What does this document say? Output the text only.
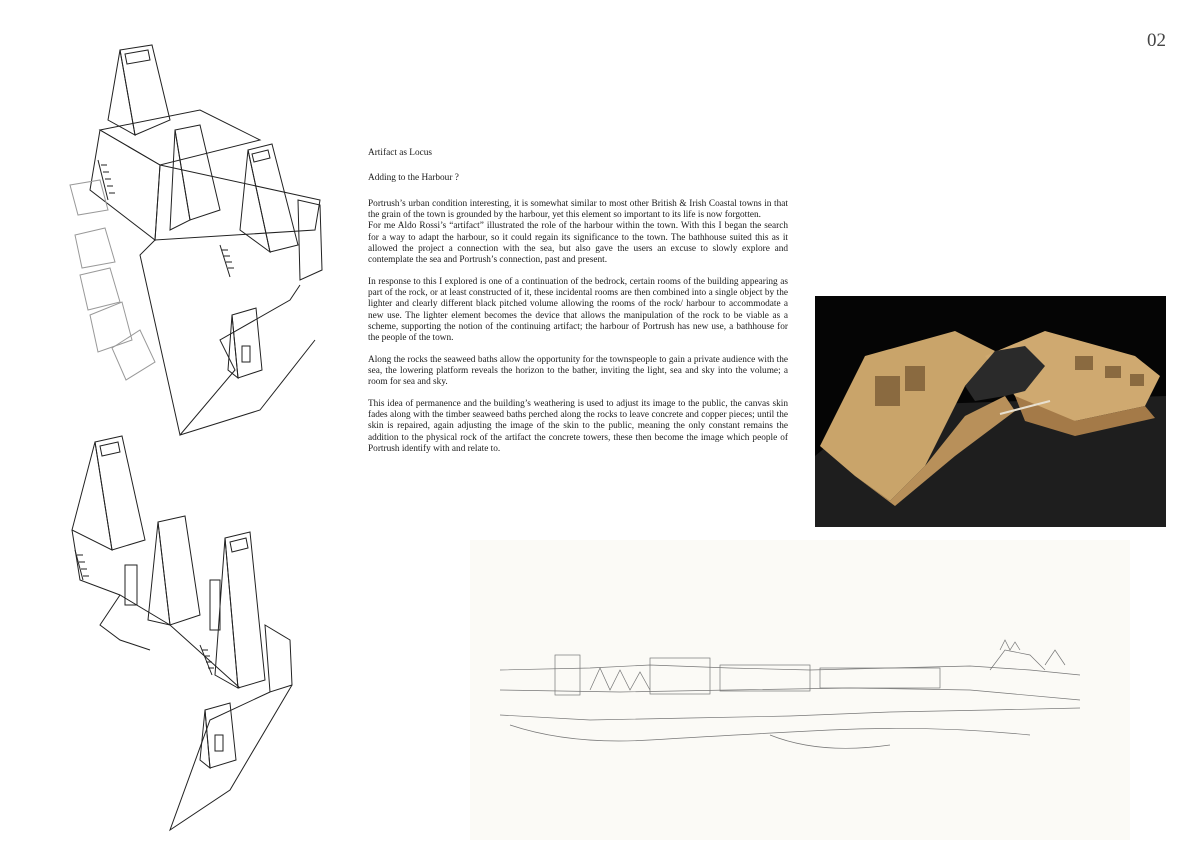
02
Artifact as Locus
Adding to the Harbour ?

Portrush’s urban condition interesting, it is somewhat similar to most other British & Irish Coastal towns in that the grain of the town is grounded by the harbour, yet this element so important to its life is now forgotten.

For me Aldo Rossi’s “artifact” illustrated the role of the harbour within the town. With this I began the search for a way to adapt the harbour, so it could regain its significance to the town. The bathhouse suited this as it allowed the project a connection with the sea, but also gave the users an excuse to slowly explore and contemplate the sea and Portrush’s connection, past and present.

In response to this I explored is one of a continuation of the bedrock, certain rooms of the building appearing as part of the rock, or at least constructed of it, these incidental rooms are then combined into a single object by the lighter and clearly different black pitched volume allowing the rooms of the rock/ harbour to accommodate a new use. The lighter element becomes the device that allows the manipulation of the rock to be viable as a scheme, supporting the notion of the continuing artifact; the harbour of Portrush has new use, a bathhouse for the people of the town.

Along the rocks the seaweed baths allow the opportunity for the townspeople to gain a private audience with the sea, the lowering platform reveals the horizon to the bather, inviting the light, sea and sky into the volume; a room for sea and sky.

This idea of permanence and the building’s weathering is used to adjust its image to the public, the canvas skin fades along with the timber seaweed baths perched along the rocks to leave concrete and copper pieces; until the skin is repaired, again adjusting the image of the skin to the public, meaning the only constant remains the addition to the physical rock of the artifact the concrete towers, these then become the image which people of Portrush identify with and relate to.
